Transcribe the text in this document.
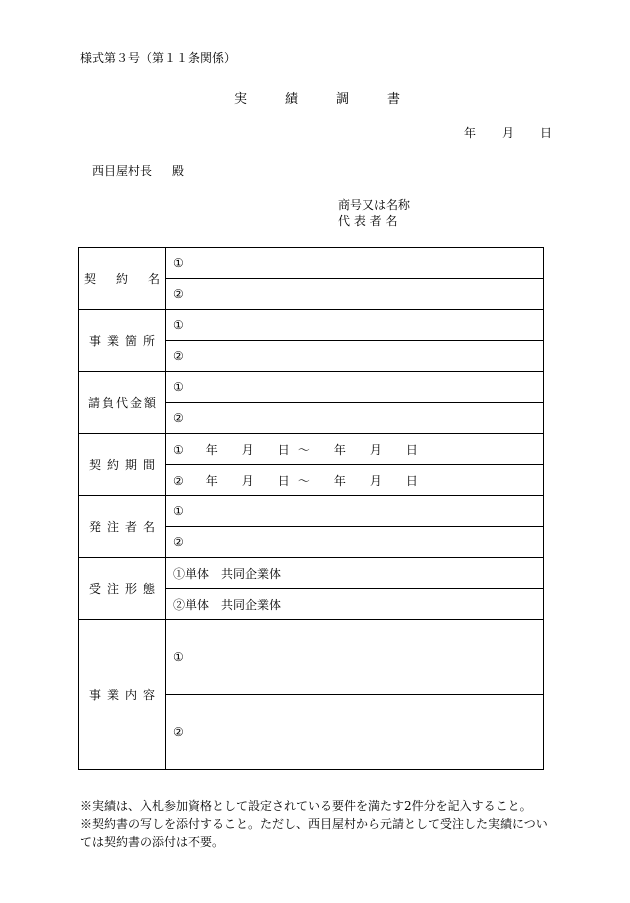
様式第３号（第１１条関係）
実	績	調	書
年 月 日
西目屋村長 殿
商号又は名称
代 表 者 名
契 約 名	①
	②
事 業 箇 所	①
	②
請 負 代 金 額	①
	②
契 約 期 間	① 年 月 日 ～ 年 月 日
	② 年 月 日 ～ 年 月 日
発 注 者 名	①
	②
受 注 形 態	①単体　共同企業体
	②単体　共同企業体
事 業 内 容	①
	②
※実績は、入札参加資格として設定されている要件を満たす2件分を記入すること。
※契約書の写しを添付すること。ただし、西目屋村から元請として受注した実績については契約書の添付は不要。
